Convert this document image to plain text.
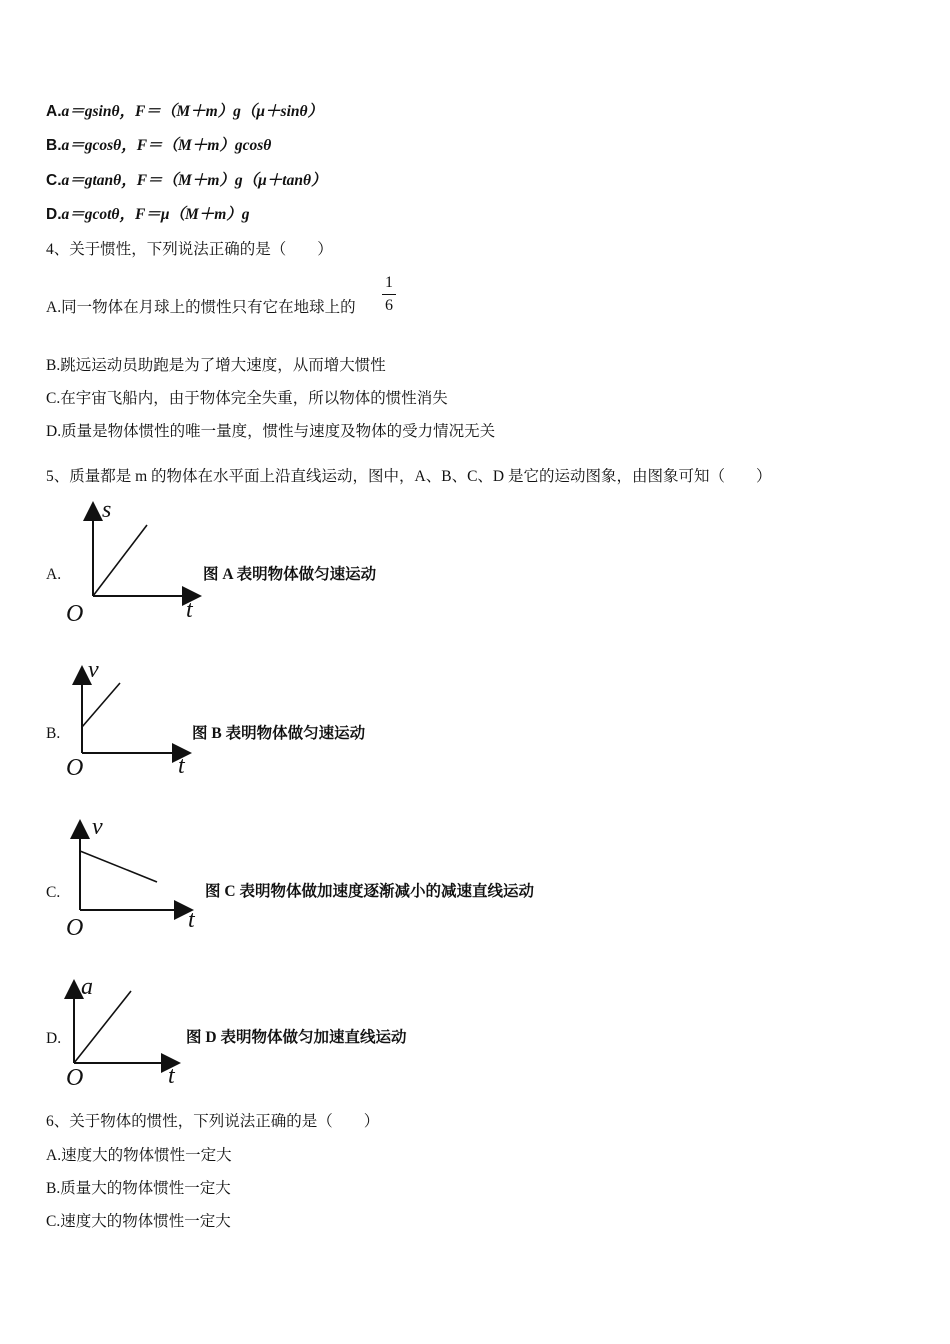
A.a＝gsinθ，F＝（M＋m）g（μ＋sinθ）
B.a＝gcosθ，F＝（M＋m）gcosθ
C.a＝gtanθ，F＝（M＋m）g（μ＋tanθ）
D.a＝gcotθ，F＝μ（M＋m）g
4、关于惯性，下列说法正确的是（　　）
A.同一物体在月球上的惯性只有它在地球上的
1
6
B.跳远运动员助跑是为了增大速度，从而增大惯性
C.在宇宙飞船内，由于物体完全失重，所以物体的惯性消失
D.质量是物体惯性的唯一量度，惯性与速度及物体的受力情况无关
5、质量都是 m 的物体在水平面上沿直线运动，图中，A、B、C、D 是它的运动图象，由图象可知（　　）
A.
s
t
O
图 A 表明物体做匀速运动
B.
v
t
O
图 B 表明物体做匀速运动
C.
v
t
O
图 C 表明物体做加速度逐渐减小的减速直线运动
D.
a
t
O
图 D 表明物体做匀加速直线运动
6、关于物体的惯性，下列说法正确的是（　　）
A.速度大的物体惯性一定大
B.质量大的物体惯性一定大
C.速度大的物体惯性一定大
